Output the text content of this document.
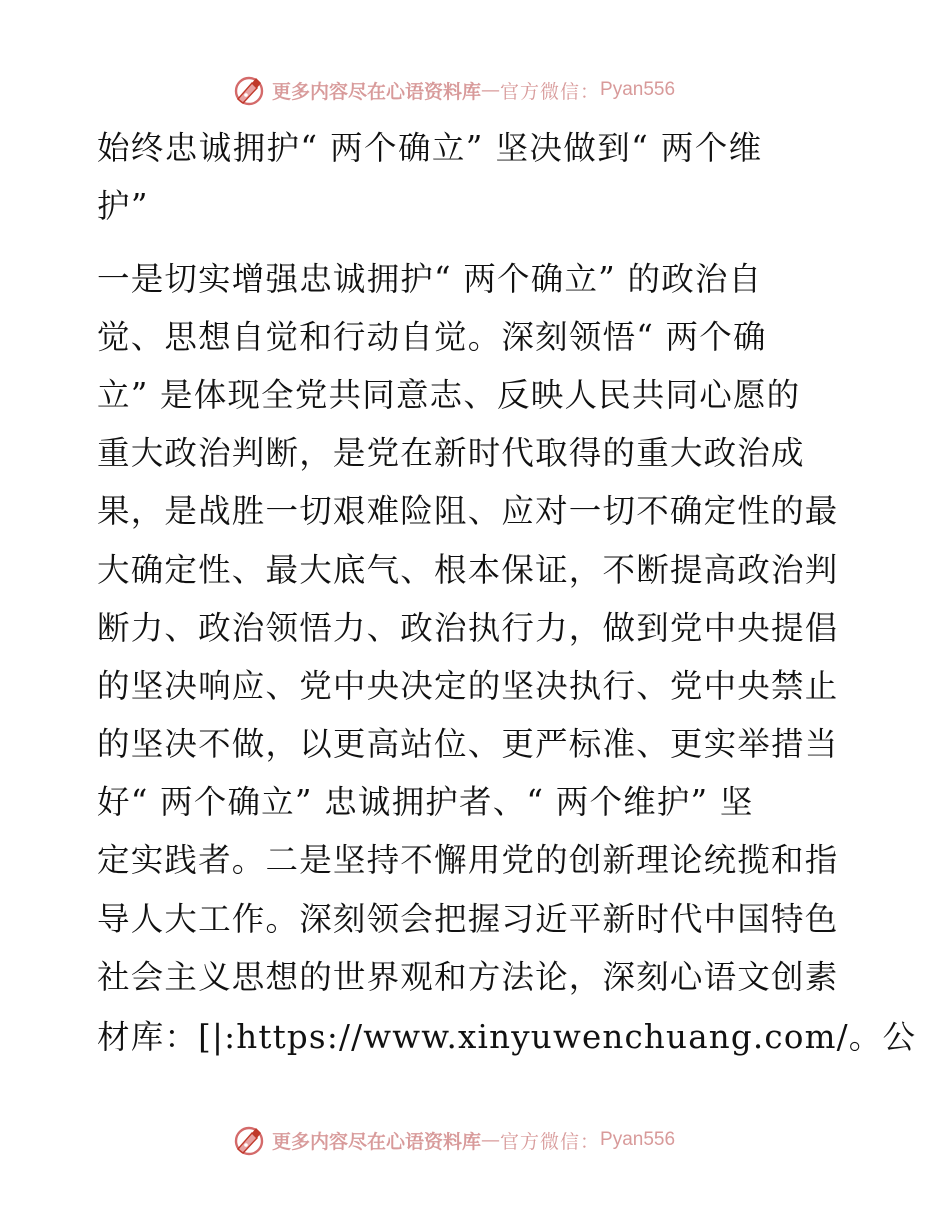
更多内容尽在心语资料库 — 官方微信： Pyan556
始终忠诚拥护“ 两个确立” 坚决做到“ 两个维
护”
一是切实增强忠诚拥护“ 两个确立” 的政治自
觉、思想自觉和行动自觉。深刻领悟“ 两个确
立” 是体现全党共同意志、反映人民共同心愿的
重大政治判断，是党在新时代取得的重大政治成
果，是战胜一切艰难险阻、应对一切不确定性的最
大确定性、最大底气、根本保证，不断提高政治判
断力、政治领悟力、政治执行力，做到党中央提倡
的坚决响应、党中央决定的坚决执行、党中央禁止
的坚决不做，以更高站位、更严标准、更实举措当
好“ 两个确立” 忠诚拥护者、“ 两个维护” 坚
定实践者。二是坚持不懈用党的创新理论统揽和指
导人大工作。深刻领会把握习近平新时代中国特色
社会主义思想的世界观和方法论，深刻心语文创素
材库：[|:https://www.xinyuwenchuang.com/。公
更多内容尽在心语资料库 — 官方微信： Pyan556
